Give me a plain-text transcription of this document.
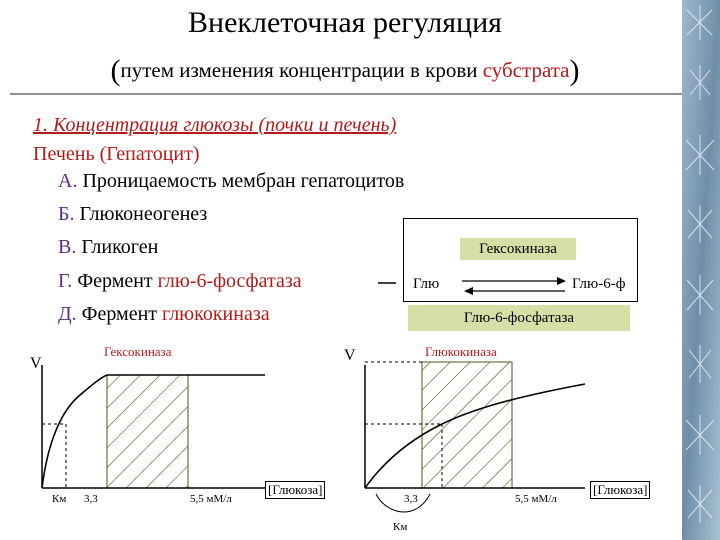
Внеклеточная регуляция
(путем изменения концентрации в крови субстрата)
1. Концентрация глюкозы (почки и печень)
Печень (Гепатоцит)
А. Проницаемость мембран гепатоцитов
Б. Глюконеогенез
В. Гликоген
Г. Фермент глю-6-фосфатаза
Д. Фермент глюкокиназа
Гексокиназа
Глю-6-фосфатаза
Глю	Глю-6-ф
Гексокиназа
V
Км 3,3	5,5 мМ/л
[Глюкоза]
Глюкокиназа
V
3,3	5,5 мМ/л
[Глюкоза]
Км
